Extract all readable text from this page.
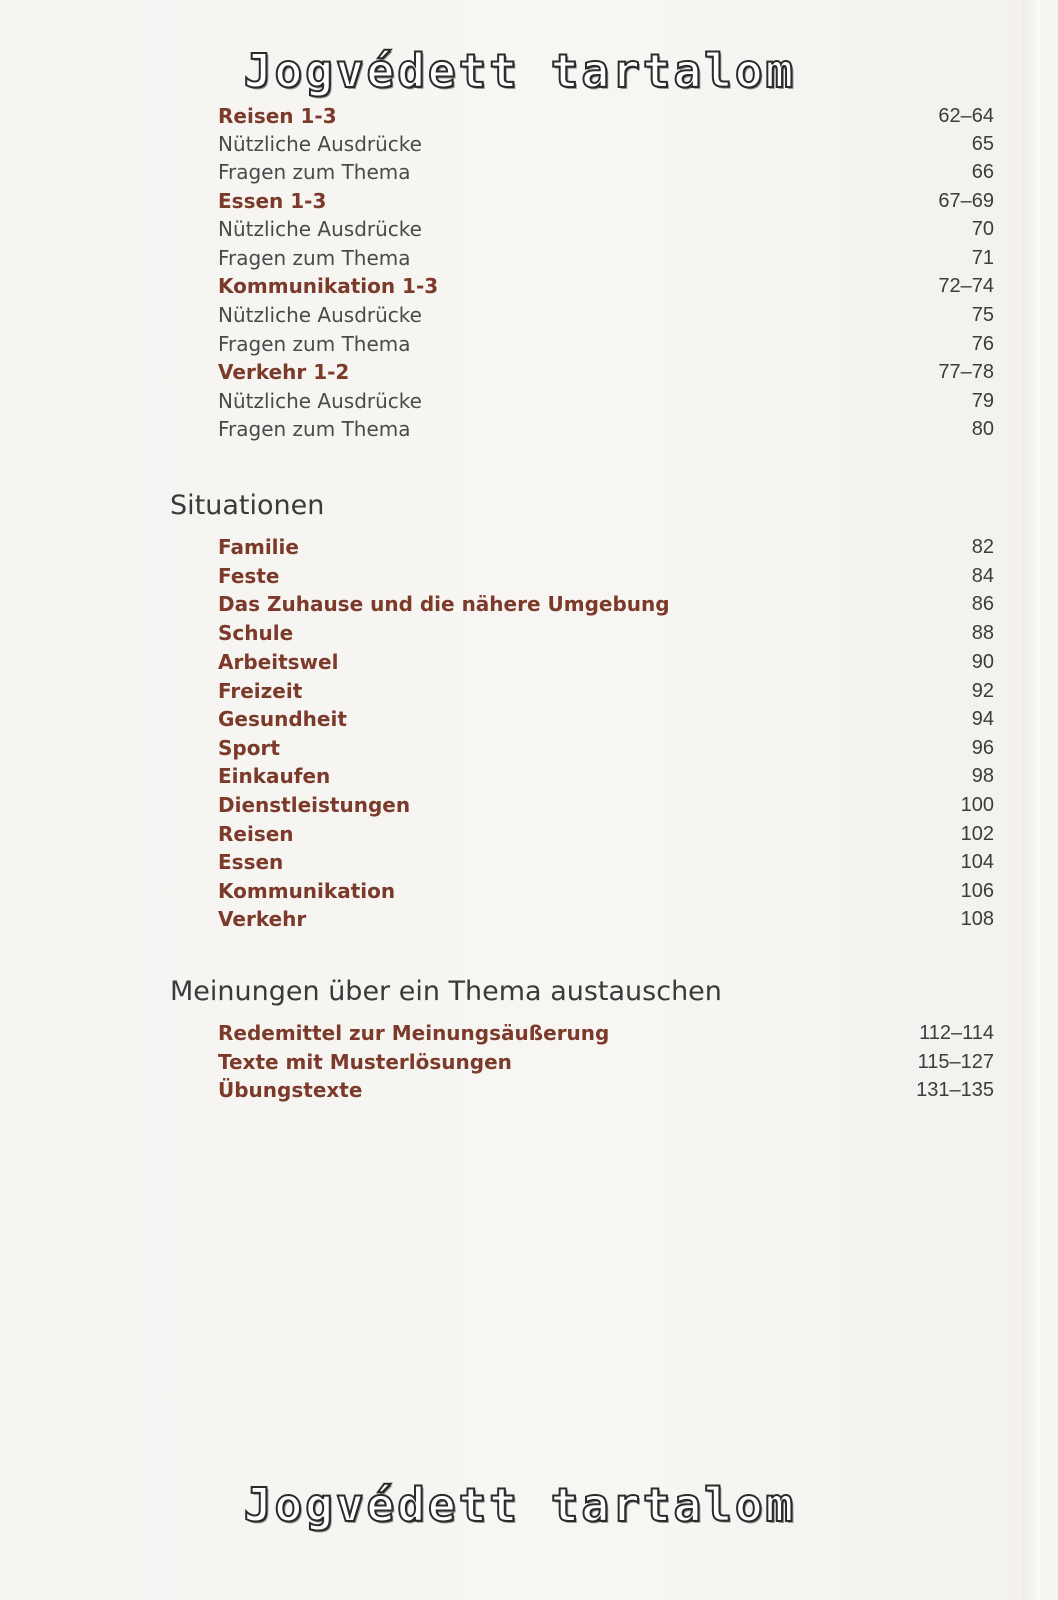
Jogvédett tartalom
Reisen 1-3	62–64
Nützliche Ausdrücke	65
Fragen zum Thema	66
Essen 1-3	67–69
Nützliche Ausdrücke	70
Fragen zum Thema	71
Kommunikation 1-3	72–74
Nützliche Ausdrücke	75
Fragen zum Thema	76
Verkehr 1-2	77–78
Nützliche Ausdrücke	79
Fragen zum Thema	80
Situationen
Familie	82
Feste	84
Das Zuhause und die nähere Umgebung	86
Schule	88
Arbeitswel	90
Freizeit	92
Gesundheit	94
Sport	96
Einkaufen	98
Dienstleistungen	100
Reisen	102
Essen	104
Kommunikation	106
Verkehr	108
Meinungen über ein Thema austauschen
Redemittel zur Meinungsäußerung	112–114
Texte mit Musterlösungen	115–127
Übungstexte	131–135
Jogvédett tartalom
